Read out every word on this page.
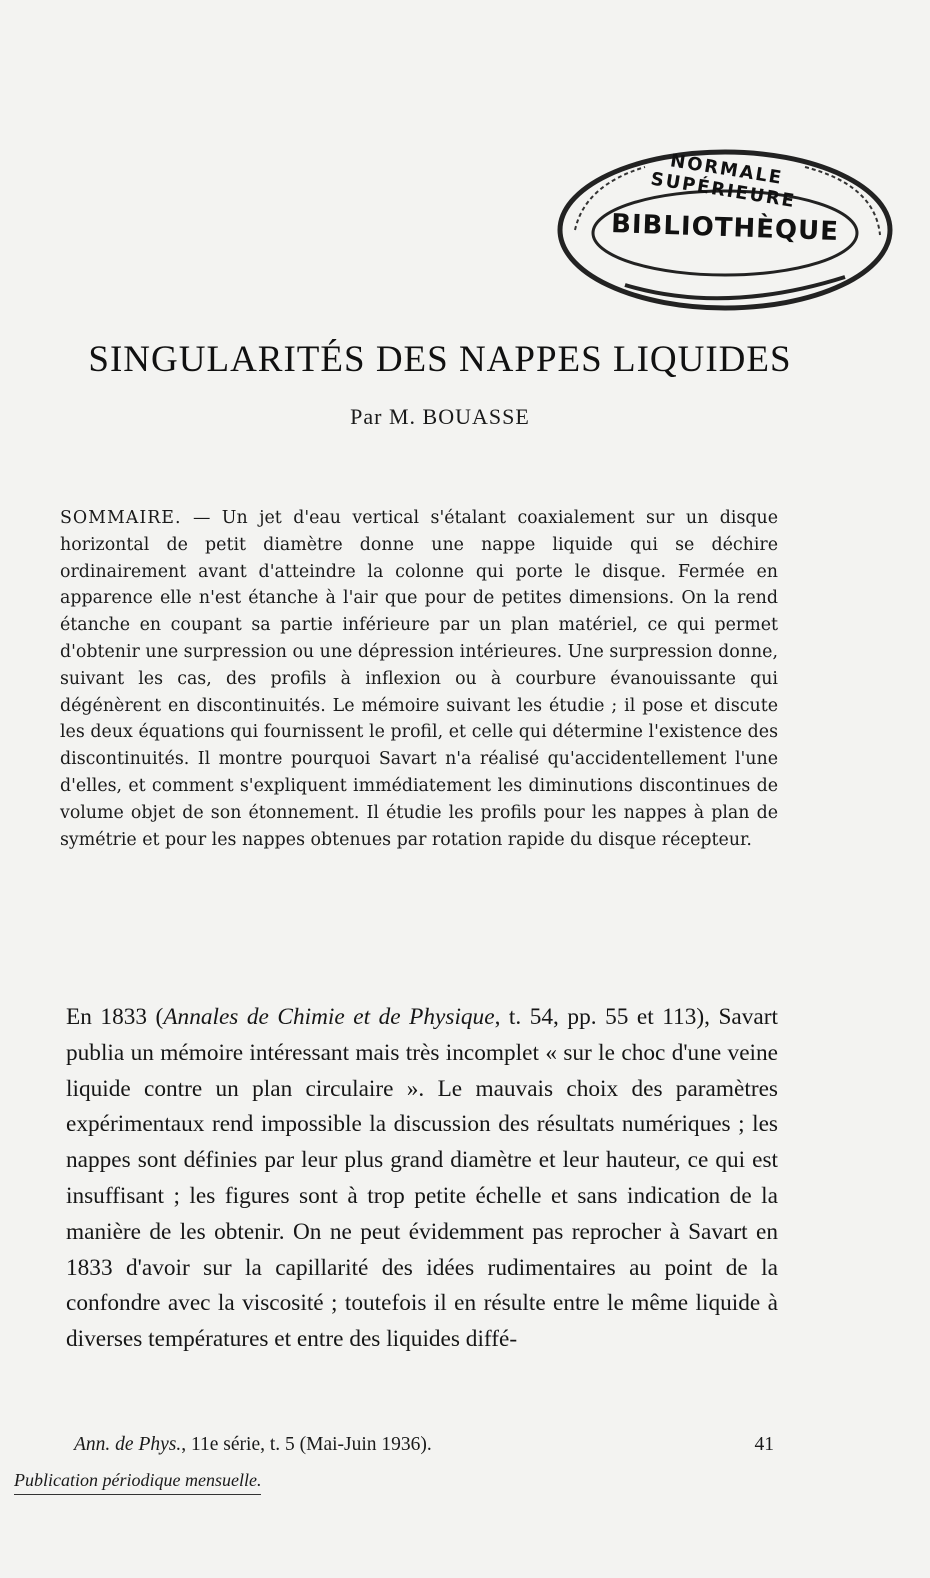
NORMALE SUPÉRIEURE
BIBLIOTHÈQUE
SINGULARITÉS DES NAPPES LIQUIDES
Par M. BOUASSE
SOMMAIRE. — Un jet d'eau vertical s'étalant coaxialement sur un disque horizontal de petit diamètre donne une nappe liquide qui se déchire ordinairement avant d'atteindre la colonne qui porte le disque. Fermée en apparence elle n'est étanche à l'air que pour de petites dimensions. On la rend étanche en coupant sa partie inférieure par un plan matériel, ce qui permet d'obtenir une surpression ou une dépression intérieures. Une surpression donne, suivant les cas, des profils à inflexion ou à courbure évanouissante qui dégénèrent en discontinuités. Le mémoire suivant les étudie ; il pose et discute les deux équations qui fournissent le profil, et celle qui détermine l'existence des discontinuités. Il montre pourquoi Savart n'a réalisé qu'accidentellement l'une d'elles, et comment s'expliquent immédiatement les diminutions discontinues de volume objet de son étonnement. Il étudie les profils pour les nappes à plan de symétrie et pour les nappes obtenues par rotation rapide du disque récepteur.
En 1833 (Annales de Chimie et de Physique, t. 54, pp. 55 et 113), Savart publia un mémoire intéressant mais très incomplet « sur le choc d'une veine liquide contre un plan circulaire ». Le mauvais choix des paramètres expérimentaux rend impossible la discussion des résultats numériques ; les nappes sont définies par leur plus grand diamètre et leur hauteur, ce qui est insuffisant ; les figures sont à trop petite échelle et sans indication de la manière de les obtenir. On ne peut évidemment pas reprocher à Savart en 1833 d'avoir sur la capillarité des idées rudimentaires au point de la confondre avec la viscosité ; toutefois il en résulte entre le même liquide à diverses températures et entre des liquides diffé-
Ann. de Phys., 11e série, t. 5 (Mai-Juin 1936).	41
Publication périodique mensuelle.
